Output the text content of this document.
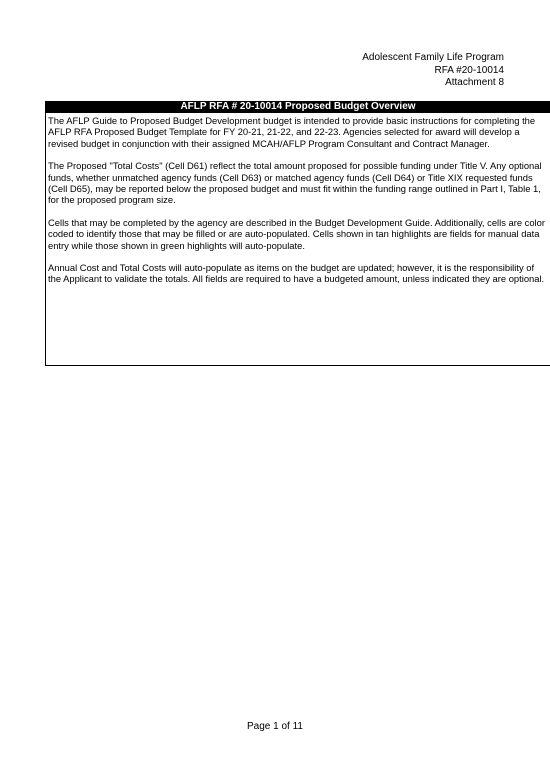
Adolescent Family Life Program
RFA #20-10014
Attachment 8
AFLP RFA # 20-10014 Proposed Budget Overview

The AFLP Guide to Proposed Budget Development budget is intended to provide basic instructions for completing the AFLP RFA Proposed Budget Template for FY 20-21, 21-22, and 22-23. Agencies selected for award will develop a revised budget in conjunction with their assigned MCAH/AFLP Program Consultant and Contract Manager.

The Proposed "Total Costs" (Cell D61) reflect the total amount proposed for possible funding under Title V. Any optional funds, whether unmatched agency funds (Cell D63) or matched agency funds (Cell D64) or Title XIX requested funds (Cell D65), may be reported below the proposed budget and must fit within the funding range outlined in Part I, Table 1, for the proposed program size.

Cells that may be completed by the agency are described in the Budget Development Guide. Additionally, cells are color coded to identify those that may be filled or are auto-populated. Cells shown in tan highlights are fields for manual data entry while those shown in green highlights will auto-populate.

Annual Cost and Total Costs will auto-populate as items on the budget are updated; however, it is the responsibility of the Applicant to validate the totals. All fields are required to have a budgeted amount, unless indicated they are optional.

Page 1 of 11
